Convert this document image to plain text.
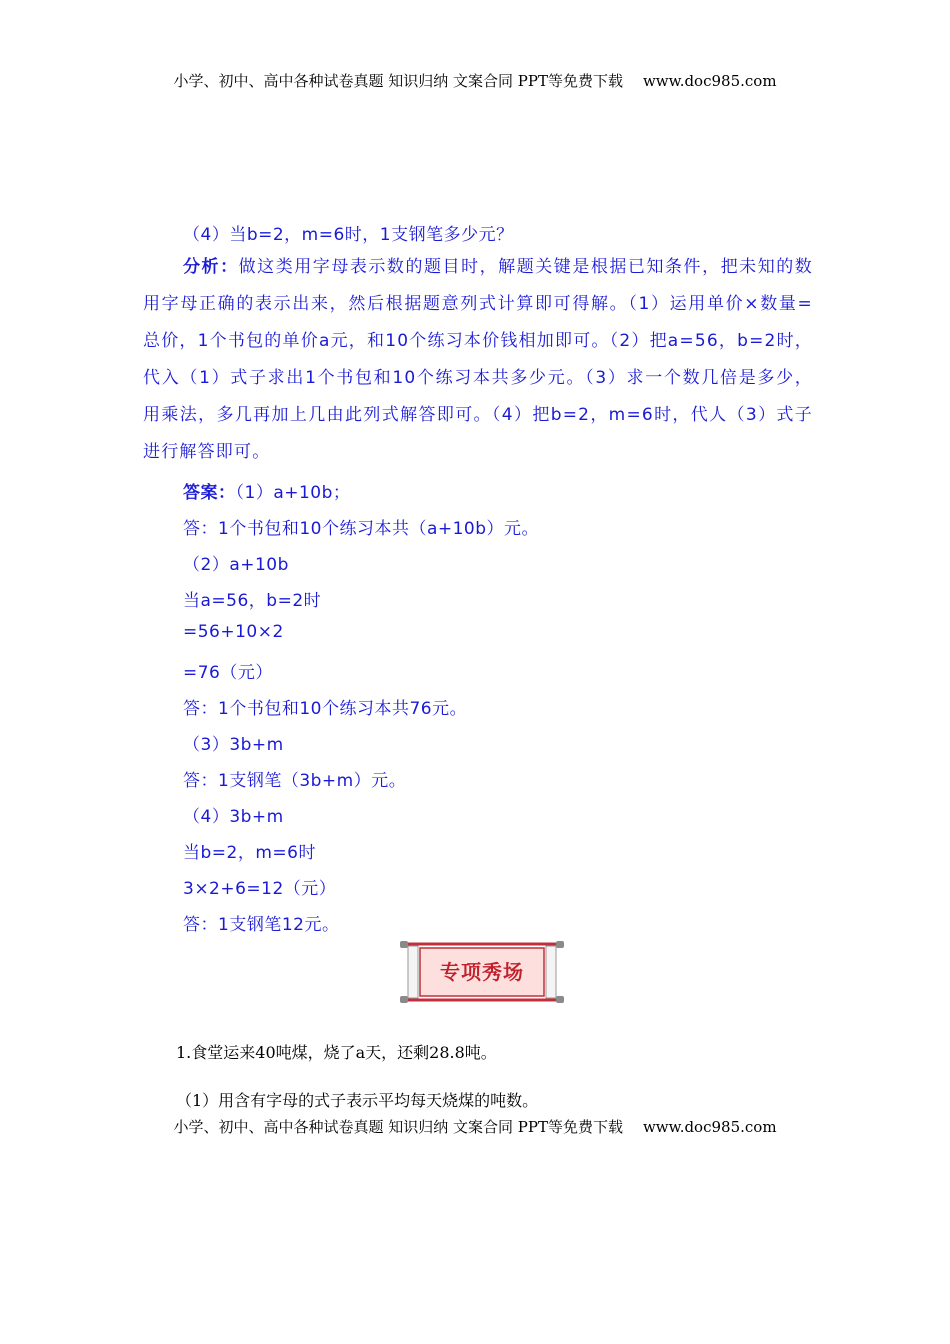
小学、初中、高中各种试卷真题 知识归纳 文案合同 PPT等免费下载 www.doc985.com
（4）当b=2，m=6时，1支钢笔多少元？

分析：做这类用字母表示数的题目时，解题关键是根据已知条件，把未知的数用字母正确的表示出来，然后根据题意列式计算即可得解。（1）运用单价×数量=总价，1个书包的单价a元，和10个练习本价钱相加即可。（2）把a=56，b=2时，代入（1）式子求出1个书包和10个练习本共多少元。（3）求一个数几倍是多少，用乘法，多几再加上几由此列式解答即可。（4）把b=2，m=6时，代人（3）式子进行解答即可。

答案：（1）a+10b；
答：1个书包和10个练习本共（a+10b）元。
（2）a+10b
当a=56，b=2时
=56+10×2
=76（元）
答：1个书包和10个练习本共76元。
（3）3b+m
答：1支钢笔（3b+m）元。
（4）3b+m
当b=2，m=6时
3×2+6=12（元）
答：1支钢笔12元。
专项秀场
1.食堂运来40吨煤，烧了a天，还剩28.8吨。
（1）用含有字母的式子表示平均每天烧煤的吨数。
小学、初中、高中各种试卷真题 知识归纳 文案合同 PPT等免费下载 www.doc985.com
